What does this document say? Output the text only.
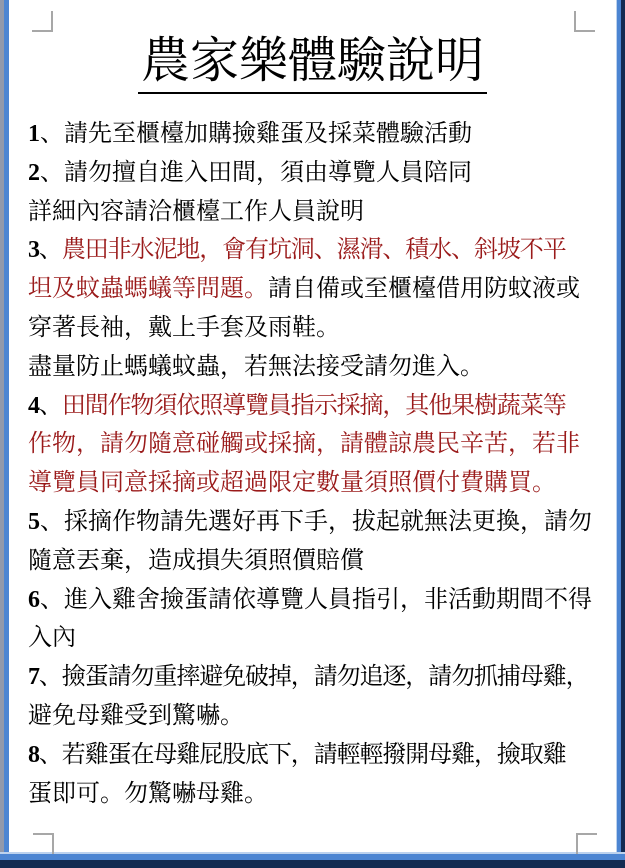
農家樂體驗說明
1、請先至櫃檯加購撿雞蛋及採菜體驗活動
2、請勿擅自進入田間，須由導覽人員陪同
詳細內容請洽櫃檯工作人員說明
3、農田非水泥地，會有坑洞、濕滑、積水、斜坡不平
坦及蚊蟲螞蟻等問題。請自備或至櫃檯借用防蚊液或
穿著長袖，戴上手套及雨鞋。
盡量防止螞蟻蚊蟲，若無法接受請勿進入。
4、田間作物須依照導覽員指示採摘，其他果樹蔬菜等
作物，請勿隨意碰觸或採摘，請體諒農民辛苦，若非
導覽員同意採摘或超過限定數量須照價付費購買。
5、採摘作物請先選好再下手，拔起就無法更換，請勿
隨意丟棄，造成損失須照價賠償
6、進入雞舍撿蛋請依導覽人員指引，非活動期間不得
入內
7、撿蛋請勿重摔避免破掉，請勿追逐，請勿抓捕母雞，
避免母雞受到驚嚇。
8、若雞蛋在母雞屁股底下，請輕輕撥開母雞，撿取雞
蛋即可。勿驚嚇母雞。
